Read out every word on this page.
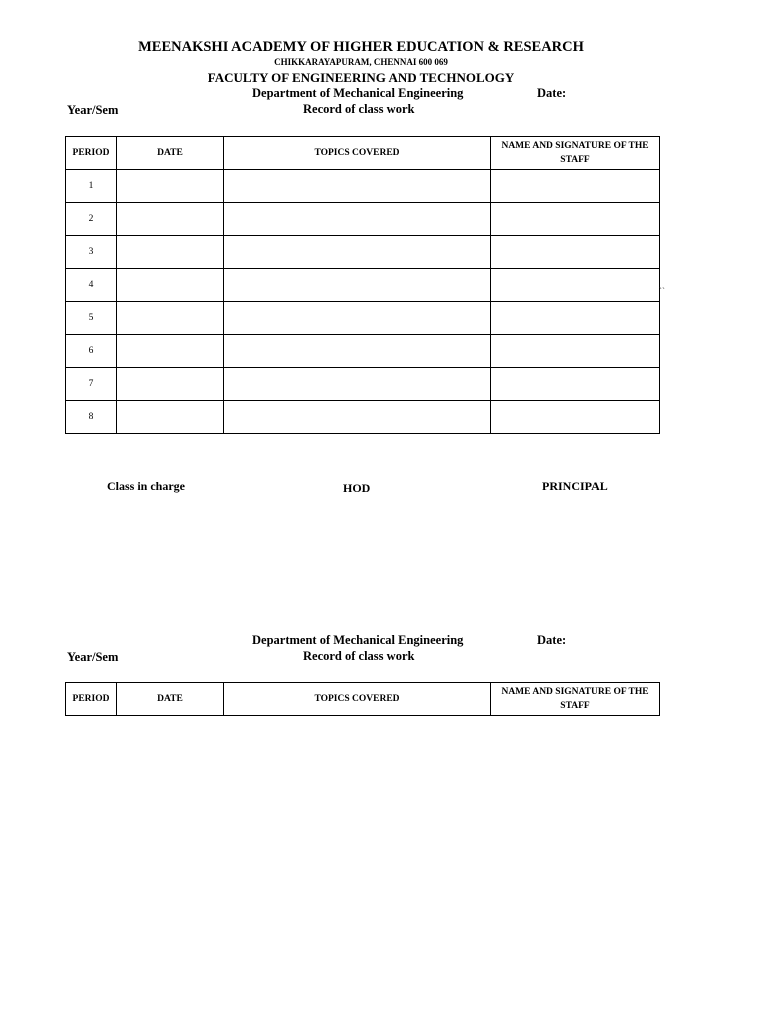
MEENAKSHI ACADEMY OF HIGHER EDUCATION & RESEARCH
CHIKKARAYAPURAM, CHENNAI 600 069
FACULTY OF ENGINEERING AND TECHNOLOGY
Department of Mechanical Engineering	Date:
Year/Sem	Record of class work
PERIOD	DATE	TOPICS COVERED	NAME AND SIGNATURE OF THE STAFF
1			
2			
3			
4			
5			
6			
7			
8			
``
Class in charge	HOD	PRINCIPAL
Department of Mechanical Engineering	Date:
Year/Sem	Record of class work
PERIOD	DATE	TOPICS COVERED	NAME AND SIGNATURE OF THE STAFF
